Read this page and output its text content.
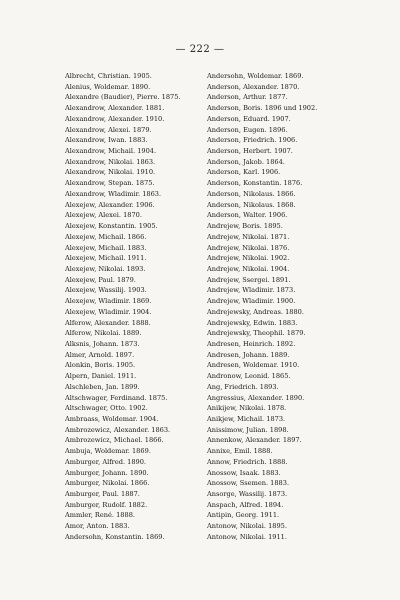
— 222 —
Albrecht, Christian. 1905.
Alenius, Woldemar. 1890.
Alexandre (Baudier), Pierre. 1875.
Alexandrow, Alexander. 1881.
Alexandrow, Alexander. 1910.
Alexandrow, Alexei. 1879.
Alexandrow, Iwan. 1883.
Alexandrow, Michail. 1904.
Alexandrow, Nikolai. 1863.
Alexandrow, Nikolai. 1910.
Alexandrow, Stepan. 1875.
Alexandrow, Wladimir. 1863.
Alexejew, Alexander. 1906.
Alexejew, Alexei. 1870.
Alexejew, Konstantin. 1905.
Alexejew, Michail. 1866.
Alexejew, Michail. 1883.
Alexejew, Michail. 1911.
Alexejew, Nikolai. 1893.
Alexejew, Paul. 1879.
Alexejew, Wassilij. 1903.
Alexejew, Wladimir. 1869.
Alexejew, Wladimir. 1904.
Alferow, Alexander. 1888.
Alferow, Nikolai. 1889.
Alksnis, Johann. 1873.
Almer, Arnold. 1897.
Alonkin, Boris. 1905.
Alpern, Daniel. 1911.
Alschleben, Jan. 1899.
Altschwager, Ferdinand. 1875.
Altschwager, Otto. 1902.
Ambraass, Woldemar. 1904.
Ambrozewicz, Alexander. 1863.
Ambrozewicz, Michael. 1866.
Ambuja, Woldemar. 1869.
Amburger, Alfred. 1890.
Amburger, Johann. 1890.
Amburger, Nikolai. 1866.
Amburger, Paul. 1887.
Amburger, Rudolf. 1882.
Ammler, René. 1888.
Amor, Anton. 1883.
Andersohn, Konstantin. 1869.
Andersohn, Woldemar. 1869.
Anderson, Alexander. 1870.
Anderson, Arthur. 1877.
Anderson, Boris. 1896 und 1902.
Anderson, Eduard. 1907.
Anderson, Eugen. 1896.
Anderson, Friedrich. 1906.
Anderson, Herbert. 1907.
Anderson, Jakob. 1864.
Anderson, Karl. 1906.
Anderson, Konstantin. 1876.
Anderson, Nikolaus. 1866.
Anderson, Nikolaus. 1868.
Anderson, Walter. 1906.
Andrejew, Boris. 1895.
Andrejew, Nikolai. 1871.
Andrejew, Nikolai. 1876.
Andrejew, Nikolai. 1902.
Andrejew, Nikolai. 1904.
Andrejew, Ssergei. 1891.
Andrejew, Wladimir. 1873.
Andrejew, Wladimir. 1900.
Andrejewsky, Andreas. 1880.
Andrejewsky, Edwin. 1883.
Andrejewsky, Theophil. 1879.
Andresen, Heinrich. 1892.
Andresen, Johann. 1889.
Andresen, Woldemar. 1910.
Andronow, Leonid. 1865.
Ang, Friedrich. 1893.
Angressius, Alexander. 1890.
Anikijew, Nikolai. 1878.
Anikjew, Michail. 1873.
Anissimow, Julian. 1898.
Annenkow, Alexander. 1897.
Annixe, Emil. 1888.
Annow, Friedrich. 1888.
Anossow, Isaak. 1883.
Anossow, Ssemen. 1883.
Ansorge, Wassilij. 1873.
Anspach, Alfred. 1894.
Antipin, Georg. 1911.
Antonow, Nikolai. 1895.
Antonow, Nikolai. 1911.
